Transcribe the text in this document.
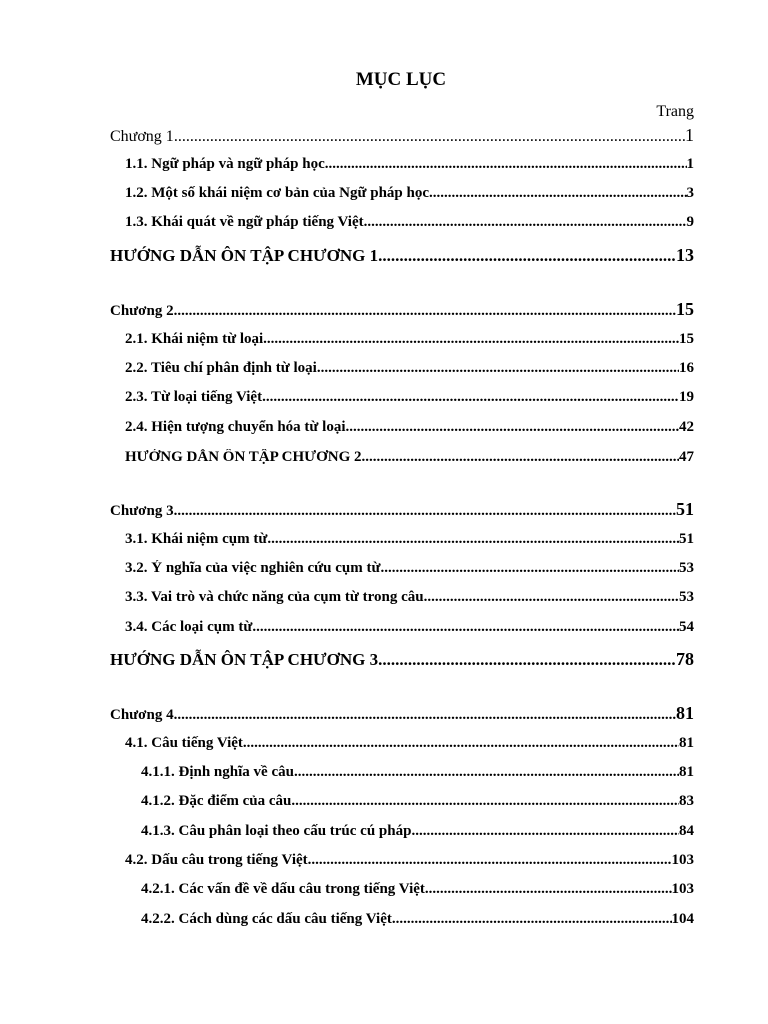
MỤC LỤC
Trang
Chương 1 .....	1
1.1. Ngữ pháp và ngữ pháp học .....	1
1.2. Một số khái niệm cơ bản của Ngữ pháp học .....	3
1.3. Khái quát về ngữ pháp tiếng Việt .....	9
HƯỚNG DẪN ÔN TẬP CHƯƠNG 1 .....	13
Chương 2 .....	15
2.1. Khái niệm từ loại .....	15
2.2. Tiêu chí phân định từ loại .....	16
2.3. Từ loại tiếng Việt .....	19
2.4. Hiện tượng chuyển hóa từ loại .....	42
HƯỚNG DẪN ÔN TẬP CHƯƠNG 2 .....	47
Chương 3 .....	51
3.1. Khái niệm cụm từ .....	51
3.2. Ý nghĩa của việc nghiên cứu cụm từ .....	53
3.3. Vai trò và chức năng của cụm từ trong câu .....	53
3.4. Các loại cụm từ .....	54
HƯỚNG DẪN ÔN TẬP CHƯƠNG 3 .....	78
Chương 4 .....	81
4.1. Câu tiếng Việt .....	81
4.1.1. Định nghĩa về câu .....	81
4.1.2. Đặc điểm của câu .....	83
4.1.3. Câu phân loại theo cấu trúc cú pháp .....	84
4.2. Dấu câu trong tiếng Việt .....	103
4.2.1. Các vấn đề về dấu câu trong tiếng Việt .....	103
4.2.2. Cách dùng các dấu câu tiếng Việt .....	104
